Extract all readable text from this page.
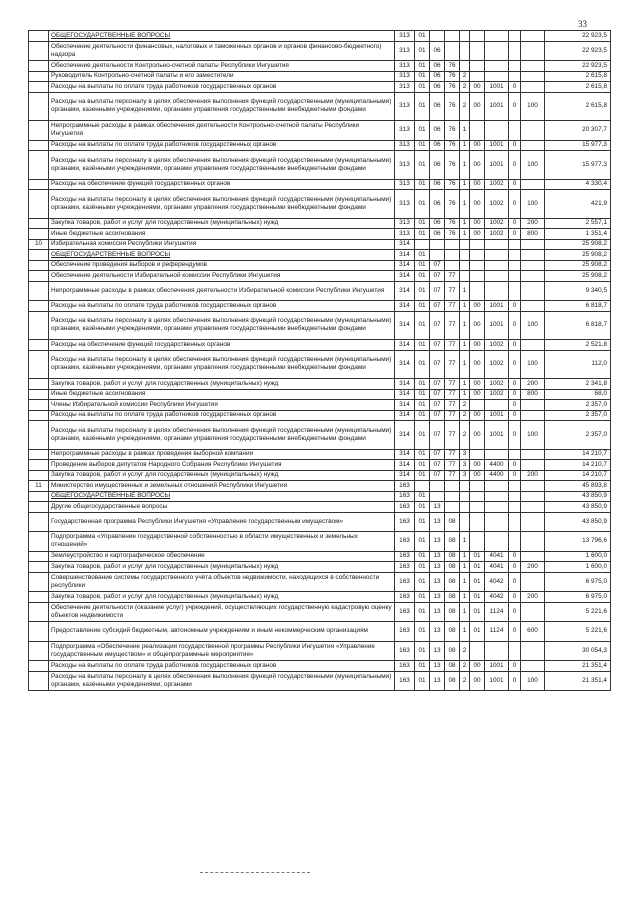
33
	ОБЩЕГОСУДАРСТВЕННЫЕ ВОПРОСЫ	313	01								22 923,5
	Обеспечение деятельности финансовых, налоговых и таможенных органов и органов финансово-бюджетного) надзора	313	01	06							22 923,5
	Обеспечение деятельности Контрольно-счетной палаты Республики Ингушетия	313	01	06	76						22 923,5
	Руководитель Контрольно-счетной палаты и его заместители	313	01	06	76	2					2 615,8
	Расходы на выплаты по оплате труда работников государственных органов	313	01	06	76	2	00	1001	0		2 615,8
	Расходы на выплаты персоналу в целях обеспечения выполнения функций государственными (муниципальными) органами, казенными учреждениями, органами управления государственными внебюджетными фондами	313	01	06	76	2	00	1001	0	100	2 615,8
	Непрограммные расходы в рамках обеспечения деятельности Контрольно-счетной палаты Республики Ингушетия	313	01	06	76	1					20 307,7
	Расходы на выплаты по оплате труда работников государственных органов	313	01	06	76	1	00	1001	0		15 977,3
	Расходы на выплаты персоналу в целях обеспечения выполнения функций государственными (муниципальными) органами, казёнными учреждениями, органами управления государственными внебюджетными фондами	313	01	06	76	1	00	1001	0	100	15 977,3
	Расходы на обеспечение функций государственных органов	313	01	06	76	1	00	1002	0		4 330,4
	Расходы на выплаты персоналу в целях обеспечения выполнения функций государственными (муниципальными) органами, казёнными учреждениями, органами управления государственными внебюджетными фондами	313	01	06	76	1	00	1002	0	100	421,9
	Закупка товаров, работ и услуг для государственных (муниципальных) нужд	313	01	06	76	1	00	1002	0	200	2 557,1
	Иные бюджетные ассигнования	313	01	06	76	1	00	1002	0	800	1 351,4
10	Избирательная комиссия Республики Ингушетия	314									25 908,2
	ОБЩЕГОСУДАРСТВЕННЫЕ ВОПРОСЫ	314	01								25 908,2
	Обеспечение проведения выборов и референдумов	314	01	07							25 908,2
	Обеспечение деятельности Избирательной комиссии Республики Ингушетия	314	01	07	77						25 908,2
	Непрограммные расходы в рамках обеспечения деятельности Избирательной комиссии Республики Ингушетия	314	01	07	77	1					9 340,5
	Расходы на выплаты по оплате труда работников государственных органов	314	01	07	77	1	00	1001	0		6 818,7
	Расходы на выплаты персоналу в целях обеспечения выполнения функций государственными (муниципальными) органами, казёнными учреждениями, органами управления государственными внебюджетными фондами	314	01	07	77	1	00	1001	0	100	6 818,7
	Расходы на обеспечение функций государственных органов	314	01	07	77	1	00	1002	0		2 521,8
	Расходы на выплаты персоналу в целях обеспечения выполнения функций государственными (муниципальными) органами, казёнными учреждениями, органами управления государственными внебюджетными фондами	314	01	07	77	1	00	1002	0	100	112,0
	Закупка товаров, работ и услуг для государственных (муниципальных) нужд	314	01	07	77	1	00	1002	0	200	2 341,8
	Иные бюджетные ассигнования	314	01	07	77	1	00	1002	0	800	68,0
	Члены Избирательной комиссии Республики Ингушетия	314	01	07	77	2			0		2 357,0
	Расходы на выплаты по оплате труда работников государственных органов	314	01	07	77	2	00	1001	0		2 357,0
	Расходы на выплаты персоналу в целях обеспечения выполнения функций государственными (муниципальными) органами, казёнными учреждениями, органами управления государственными внебюджетными фондами	314	01	07	77	2	00	1001	0	100	2 357,0
	Непрограммные расходы в рамках проведения выборной компании	314	01	07	77	3					14 210,7
	Проведение выборов депутатов Народного Собрания Республики Ингушетия	314	01	07	77	3	00	4400	0		14 210,7
	Закупка товаров, работ и услуг для государственных (муниципальных) нужд	314	01	07	77	3	00	4400	0	200	14 210,7
11	Министерство имущественных и земельных отношений Республики Ингушетия	163									45 893,8
	ОБЩЕГОСУДАРСТВЕННЫЕ ВОПРОСЫ	163	01								43 850,9
	Другие общегосударственные вопросы	163	01	13							43 850,9
	Государственная программа Республики Ингушетия «Управление государственным имуществом»	163	01	13	08						43 850,9
	Подпрограмма «Управление государственной собственностью в области имущественных и земельных отношений»	163	01	13	08	1					13 796,6
	Землеустройство и картографическое обеспечение	163	01	13	08	1	01	4041	0		1 600,0
	Закупка товаров, работ и услуг для государственных (муниципальных) нужд	163	01	13	08	1	01	4041	0	200	1 600,0
	Совершенствование системы государственного учёта объектов недвижимости, находящихся в собственности республики	163	01	13	08	1	01	4042	0		6 975,0
	Закупка товаров, работ и услуг для государственных (муниципальных) нужд	163	01	13	08	1	01	4042	0	200	6 975,0
	Обеспечение деятельности (оказание услуг) учреждений, осуществляющих государственную кадастровую оценку объектов недвижимости	163	01	13	08	1	01	1124	0		5 221,6
	Предоставление субсидий бюджетным, автономным учреждениям и иным некоммерческим организациям	163	01	13	08	1	01	1124	0	600	5 221,6
	Подпрограмма «Обеспечение реализации государственной программы Республики Ингушетия «Управление государственным имуществом» и общепрограммные мероприятия»	163	01	13	08	2					30 054,3
	Расходы на выплаты по оплате труда работников государственных органов	163	01	13	08	2	00	1001	0		21 351,4
	Расходы на выплаты персоналу в целях обеспечения выполнения функций государственными (муниципальными) органами, казёнными учреждениями, органами	163	01	13	08	2	00	1001	0	100	21 351,4
